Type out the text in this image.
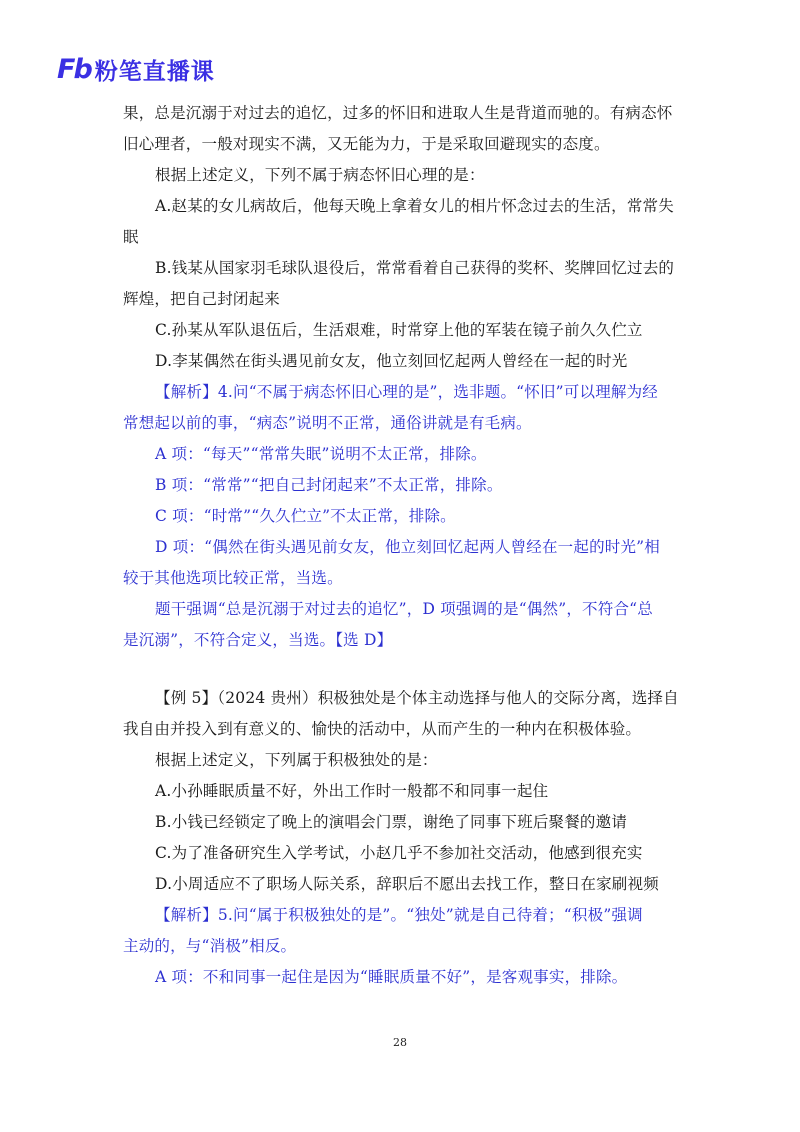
Fb 粉笔直播课
果，总是沉溺于对过去的追忆，过多的怀旧和进取人生是背道而驰的。有病态怀
旧心理者，一般对现实不满，又无能为力，于是采取回避现实的态度。
根据上述定义，下列不属于病态怀旧心理的是：
A.赵某的女儿病故后，他每天晚上拿着女儿的相片怀念过去的生活，常常失
眠
B.钱某从国家羽毛球队退役后，常常看着自己获得的奖杯、奖牌回忆过去的
辉煌，把自己封闭起来
C.孙某从军队退伍后，生活艰难，时常穿上他的军装在镜子前久久伫立
D.李某偶然在街头遇见前女友，他立刻回忆起两人曾经在一起的时光
【解析】4.问“不属于病态怀旧心理的是”，选非题。“怀旧”可以理解为经
常想起以前的事，“病态”说明不正常，通俗讲就是有毛病。
A 项：“每天”“常常失眠”说明不太正常，排除。
B 项：“常常”“把自己封闭起来”不太正常，排除。
C 项：“时常”“久久伫立”不太正常，排除。
D 项：“偶然在街头遇见前女友，他立刻回忆起两人曾经在一起的时光”相
较于其他选项比较正常，当选。
题干强调“总是沉溺于对过去的追忆”，D 项强调的是“偶然”，不符合“总
是沉溺”，不符合定义，当选。【选 D】
【例 5】（2024 贵州）积极独处是个体主动选择与他人的交际分离，选择自
我自由并投入到有意义的、愉快的活动中，从而产生的一种内在积极体验。
根据上述定义，下列属于积极独处的是：
A.小孙睡眠质量不好，外出工作时一般都不和同事一起住
B.小钱已经锁定了晚上的演唱会门票，谢绝了同事下班后聚餐的邀请
C.为了准备研究生入学考试，小赵几乎不参加社交活动，他感到很充实
D.小周适应不了职场人际关系，辞职后不愿出去找工作，整日在家刷视频
【解析】5.问“属于积极独处的是”。“独处”就是自己待着；“积极”强调
主动的，与“消极”相反。
A 项：不和同事一起住是因为“睡眠质量不好”，是客观事实，排除。
28
